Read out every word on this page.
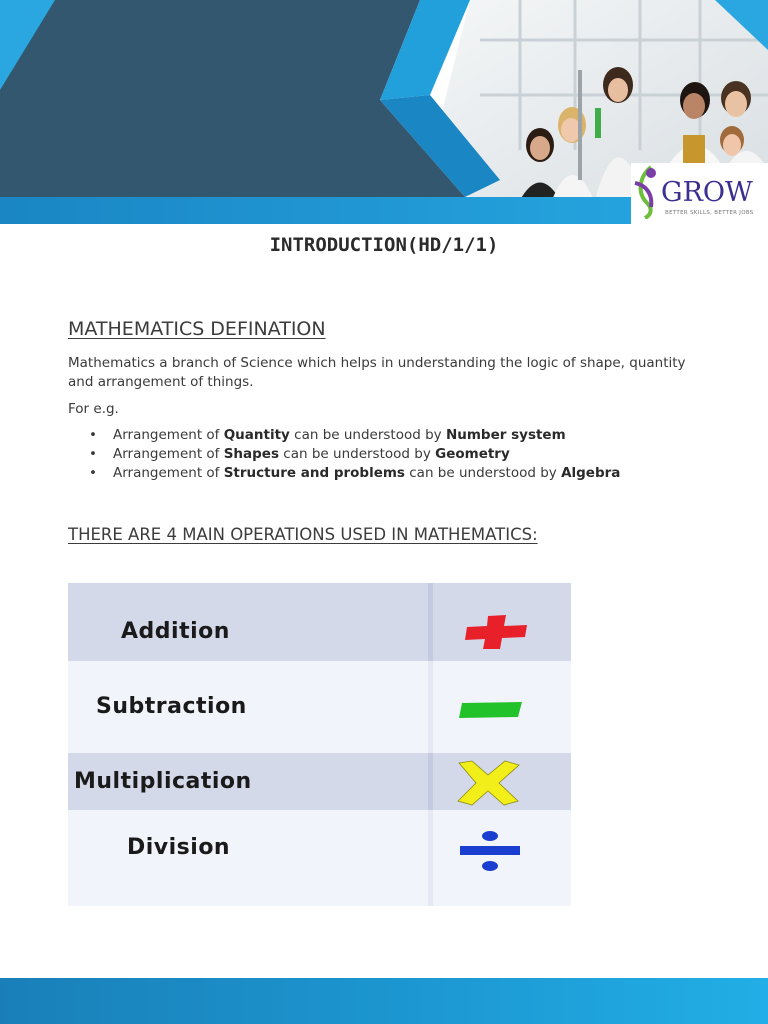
GROW
BETTER SKILLS, BETTER JOBS
INTRODUCTION(HD/1/1)
MATHEMATICS DEFINATION
Mathematics a branch of Science which helps in understanding the logic of shape, quantity and arrangement of things.
For e.g.
• Arrangement of Quantity can be understood by Number system
• Arrangement of Shapes can be understood by Geometry
• Arrangement of Structure and problems can be understood by Algebra
THERE ARE 4 MAIN OPERATIONS USED IN MATHEMATICS:
Addition
Subtraction
Multiplication
Division
